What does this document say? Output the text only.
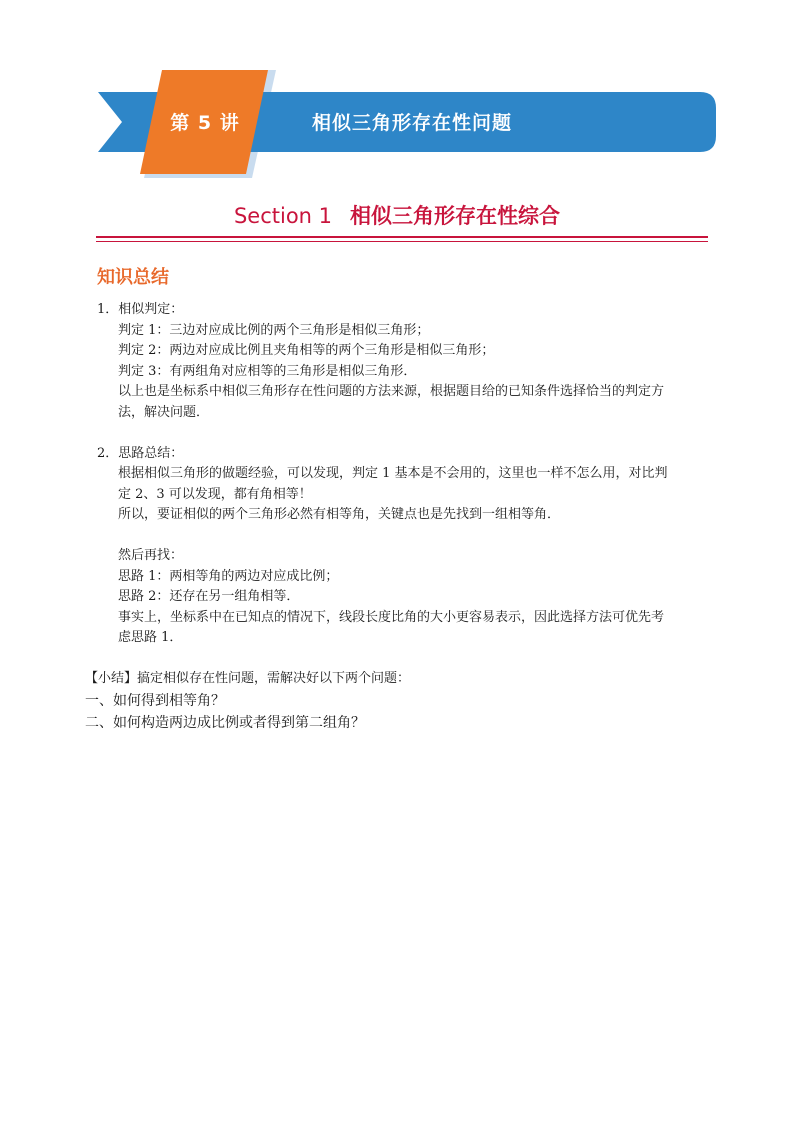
第 5 讲	相似三角形存在性问题
Section 1 相似三角形存在性综合
知识总结

1．相似判定：

判定 1：三边对应成比例的两个三角形是相似三角形；

判定 2：两边对应成比例且夹角相等的两个三角形是相似三角形；

判定 3：有两组角对应相等的三角形是相似三角形．

以上也是坐标系中相似三角形存在性问题的方法来源，根据题目给的已知条件选择恰当的判定方

法，解决问题．

2．思路总结：

根据相似三角形的做题经验，可以发现，判定 1 基本是不会用的，这里也一样不怎么用，对比判

定 2、3 可以发现，都有角相等！

所以，要证相似的两个三角形必然有相等角，关键点也是先找到一组相等角．

然后再找：

思路 1：两相等角的两边对应成比例；

思路 2：还存在另一组角相等．

事实上，坐标系中在已知点的情况下，线段长度比角的大小更容易表示，因此选择方法可优先考

虑思路 1．

【小结】搞定相似存在性问题，需解决好以下两个问题：

一、如何得到相等角？

二、如何构造两边成比例或者得到第二组角？
